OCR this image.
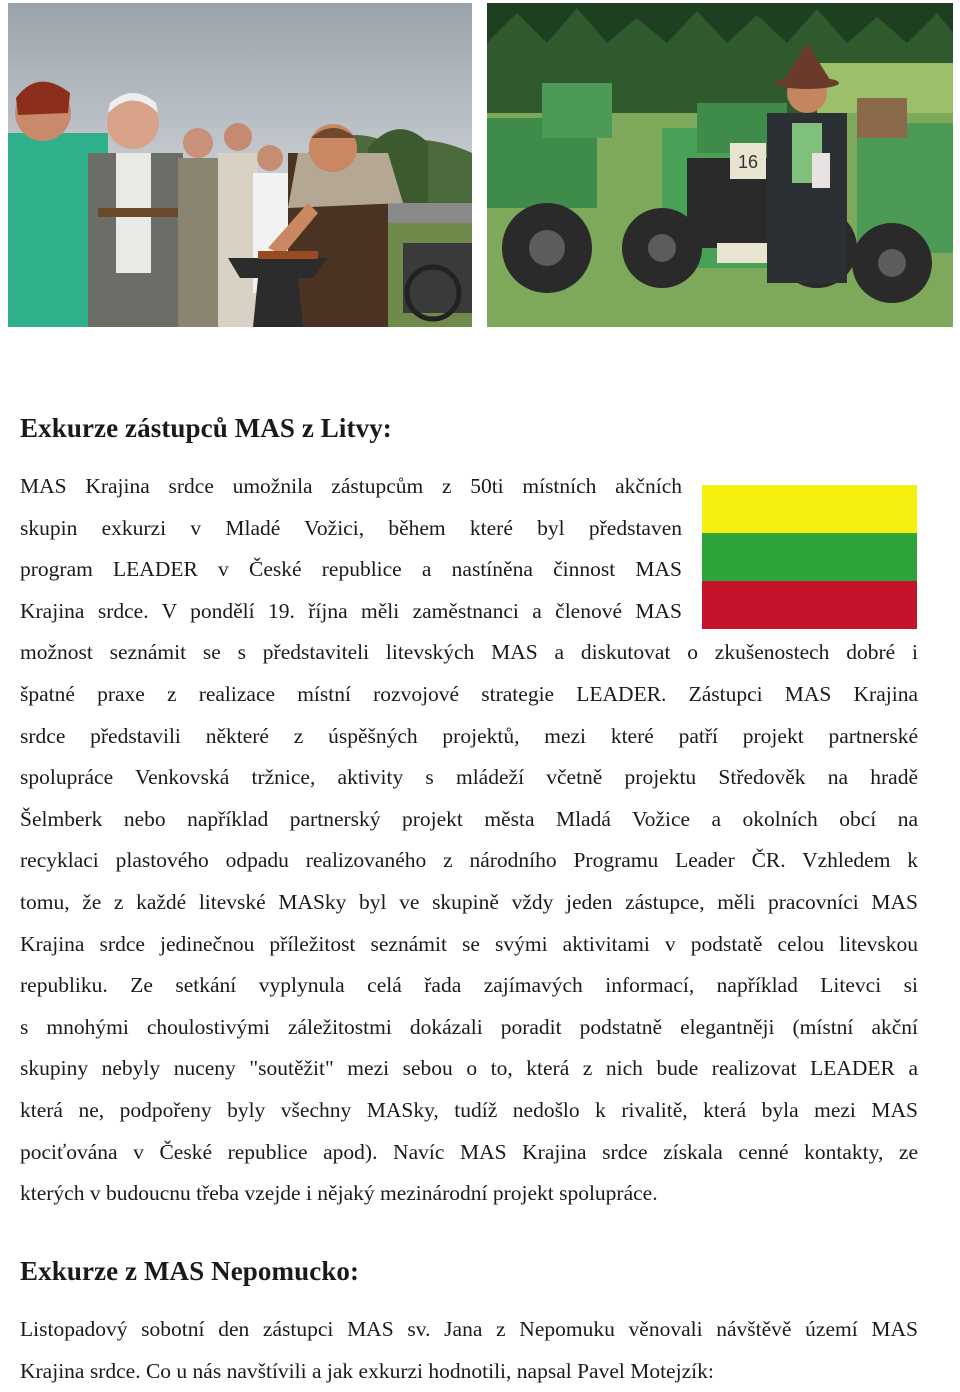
16
Exkurze zástupců MAS z Litvy:
MAS Krajina srdce umožnila zástupcům z 50ti místních akčních
skupin exkurzi v Mladé Vožici, během které byl představen
program LEADER v České republice a nastíněna činnost MAS
Krajina srdce. V pondělí 19. října měli zaměstnanci a členové MAS
možnost seznámit se s představiteli litevských MAS a diskutovat o zkušenostech dobré i
špatné praxe z realizace místní rozvojové strategie LEADER. Zástupci MAS Krajina
srdce představili některé z úspěšných projektů, mezi které patří projekt partnerské
spolupráce Venkovská tržnice, aktivity s mládeží včetně projektu Středověk na hradě
Šelmberk nebo například partnerský projekt města Mladá Vožice a okolních obcí na
recyklaci plastového odpadu realizovaného z národního Programu Leader ČR. Vzhledem k
tomu, že z každé litevské MASky byl ve skupině vždy jeden zástupce, měli pracovníci MAS
Krajina srdce jedinečnou příležitost seznámit se svými aktivitami v podstatě celou litevskou
republiku. Ze setkání vyplynula celá řada zajímavých informací, například Litevci si
s mnohými choulostivými záležitostmi dokázali poradit podstatně elegantněji (místní akční
skupiny nebyly nuceny "soutěžit" mezi sebou o to, která z nich bude realizovat LEADER a
která ne, podpořeny byly všechny MASky, tudíž nedošlo k rivalitě, která byla mezi MAS
pociťována v České republice apod). Navíc MAS Krajina srdce získala cenné kontakty, ze
kterých v budoucnu třeba vzejde i nějaký mezinárodní projekt spolupráce.
Exkurze z MAS Nepomucko:
Listopadový sobotní den zástupci MAS sv. Jana z Nepomuku věnovali návštěvě území MAS
Krajina srdce. Co u nás navštívili a jak exkurzi hodnotili, napsal Pavel Motejzík:
